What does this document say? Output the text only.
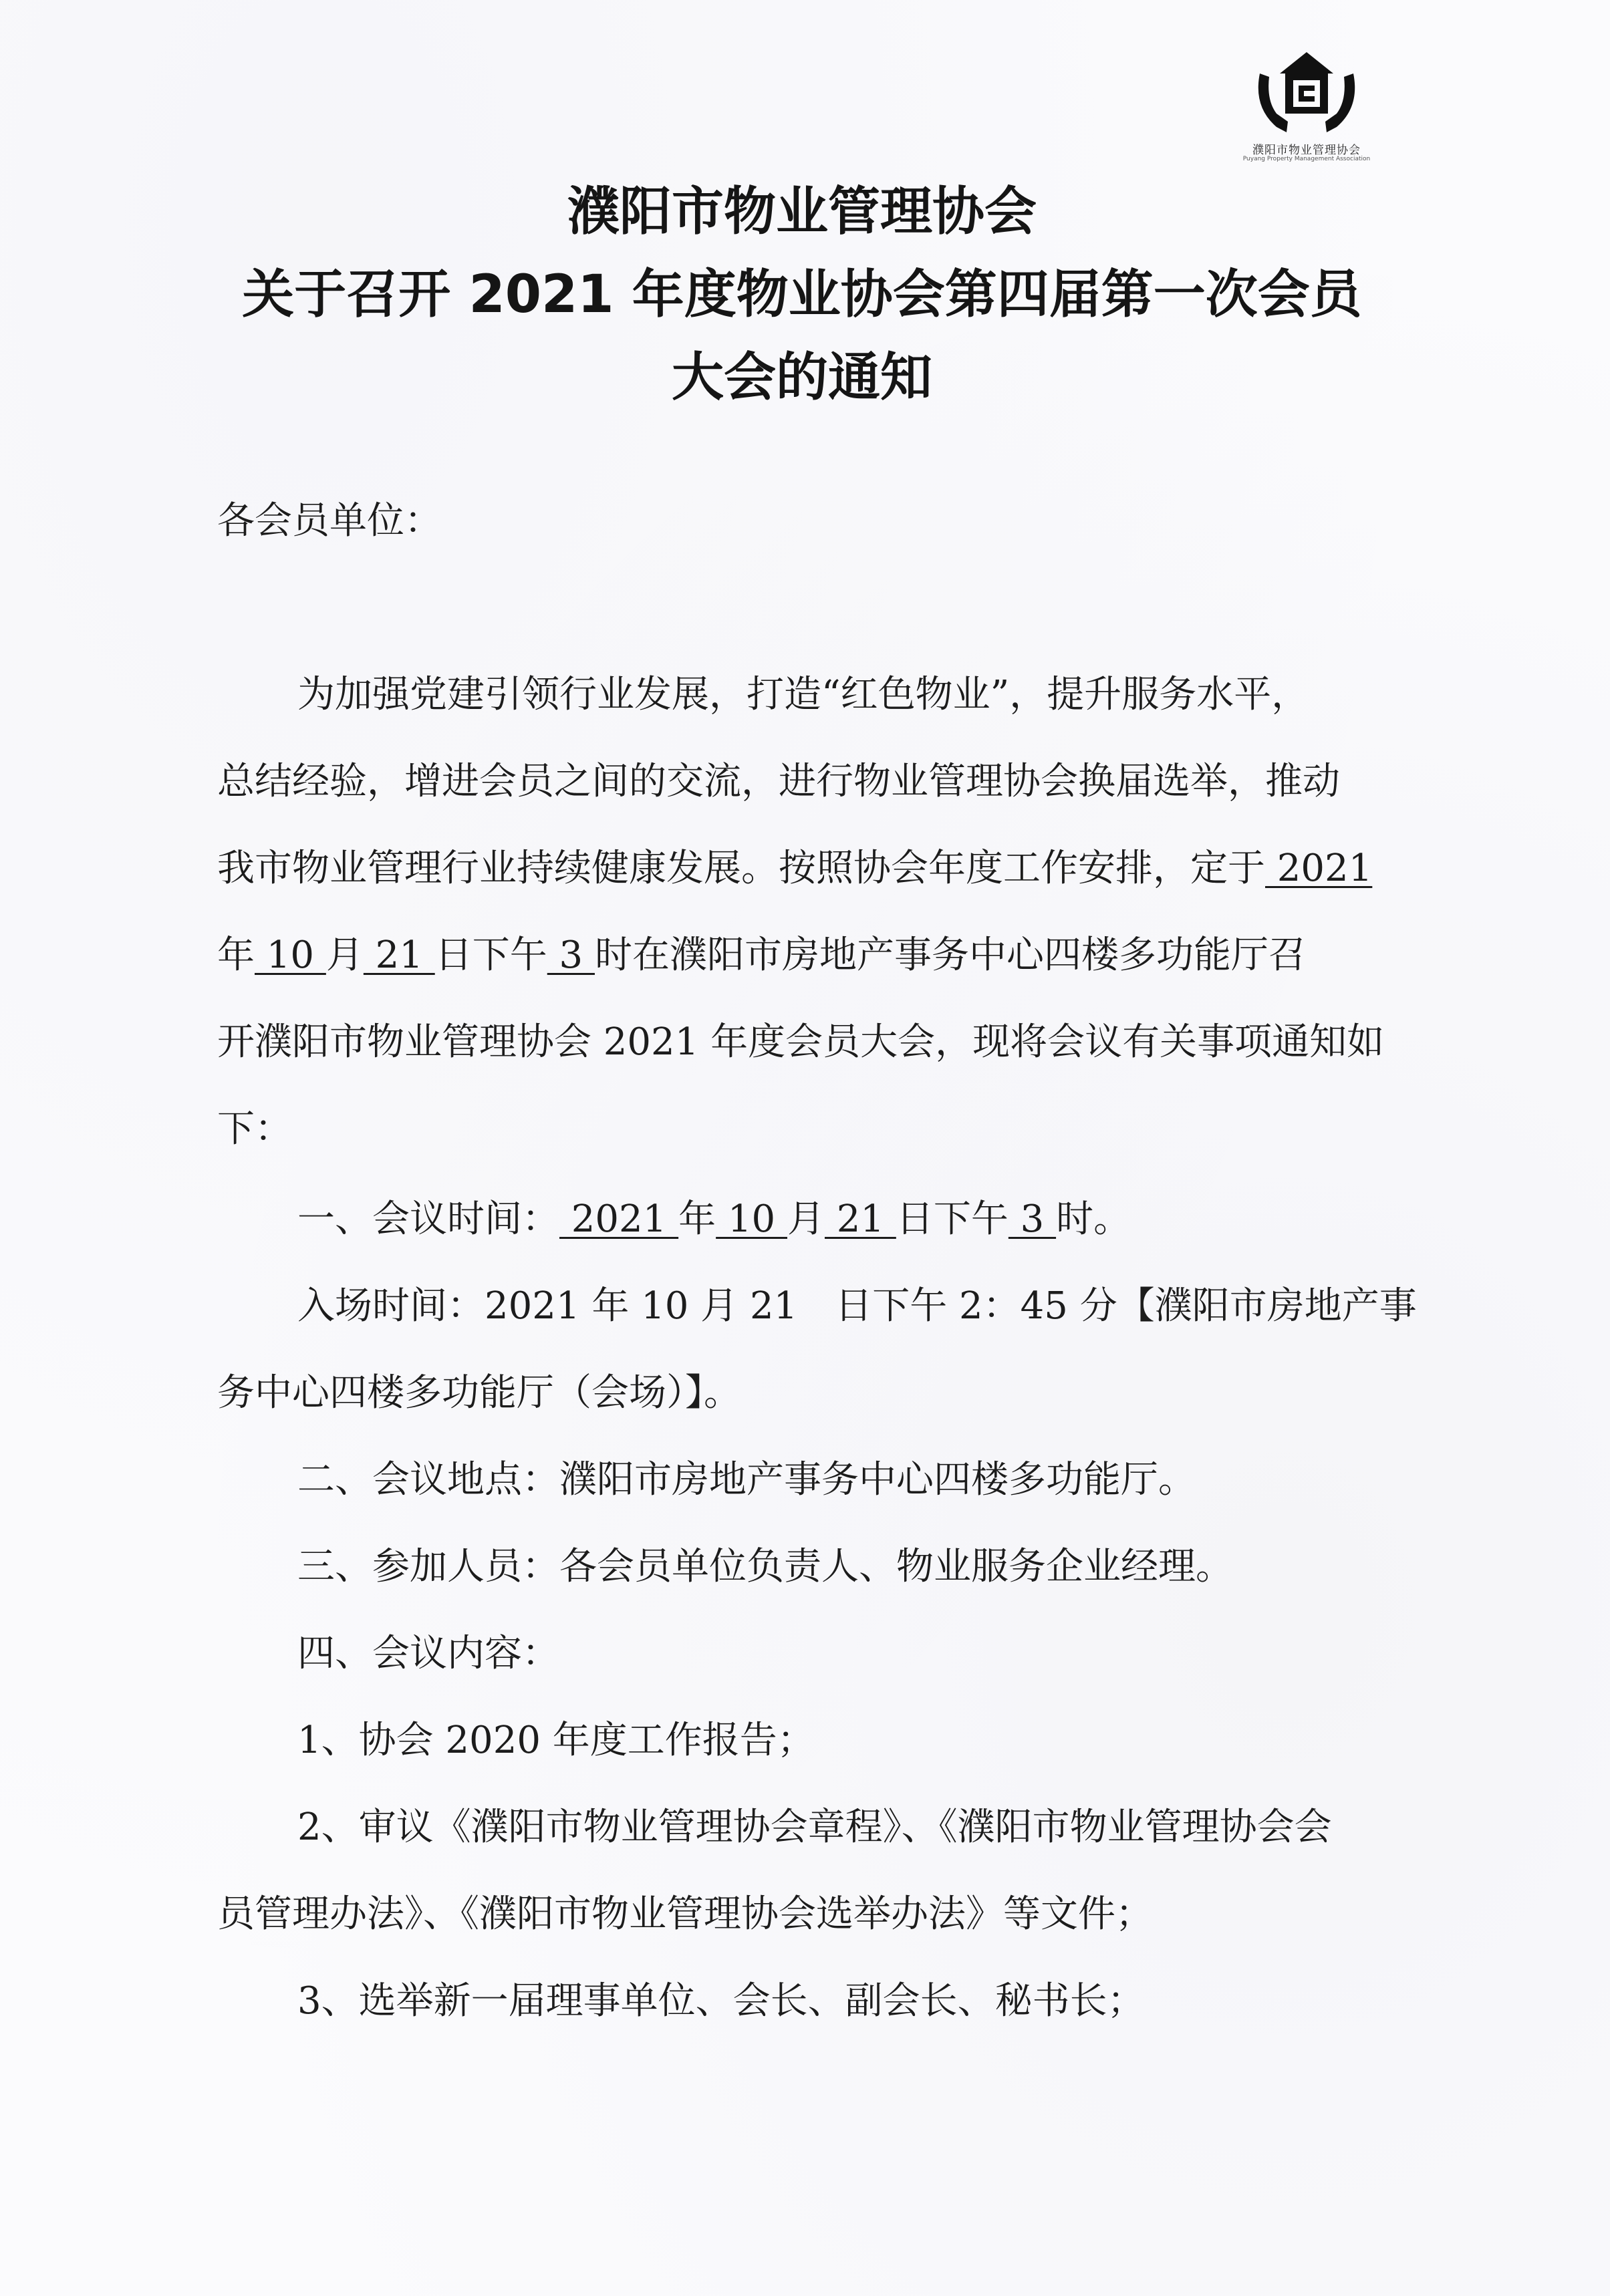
濮阳市物业管理协会
Puyang Property Management Association
濮阳市物业管理协会
关于召开 2021 年度物业协会第四届第一次会员
大会的通知
各会员单位：
为加强党建引领行业发展，打造“红色物业”，提升服务水平，
总结经验，增进会员之间的交流，进行物业管理协会换届选举，推动
我市物业管理行业持续健康发展。按照协会年度工作安排，定于 2021
年 10 月 21 日下午 3 时在濮阳市房地产事务中心四楼多功能厅召
开濮阳市物业管理协会 2021 年度会员大会，现将会议有关事项通知如
下：
一、会议时间： 2021 年 10 月 21 日下午 3 时。
入场时间：2021 年 10 月 21　日下午 2：45 分【濮阳市房地产事
务中心四楼多功能厅（会场）】。
二、会议地点：濮阳市房地产事务中心四楼多功能厅。
三、参加人员：各会员单位负责人、物业服务企业经理。
四、会议内容：
1、协会 2020 年度工作报告；
2、审议《濮阳市物业管理协会章程》、《濮阳市物业管理协会会
员管理办法》、《濮阳市物业管理协会选举办法》等文件；
3、选举新一届理事单位、会长、副会长、秘书长；
